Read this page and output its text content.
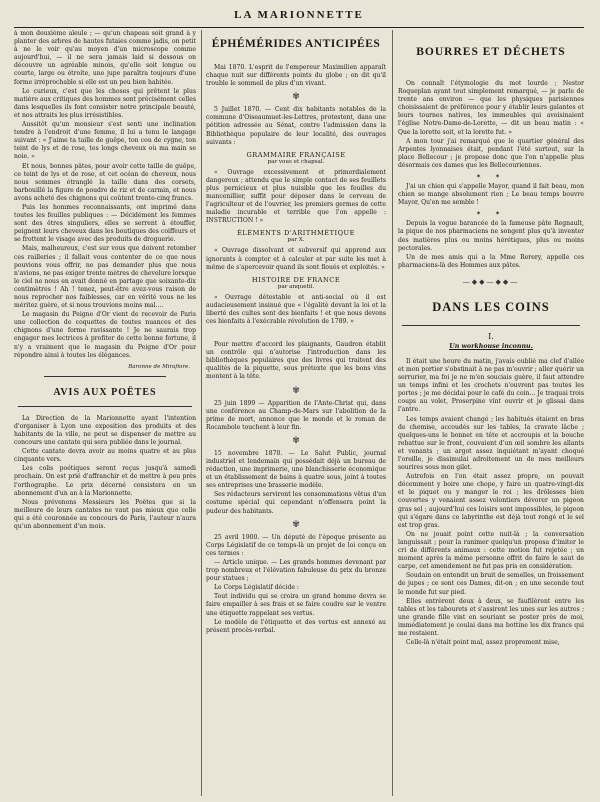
LA MARIONNETTE

à mon deuxième aïeule ; — qu'un chapeau soit grand à y planter des arbres de hautes futaies comme jadis, on petit à ne le voir qu'au moyen d'un microscope comme aujourd'hui, — il ne sera jamais laid si dessous on découvre un agréable minois, qu'elle soit longue ou courte, large ou étroite, une jupe paraîtra toujours d'une forme irréprochable si elle est un peu bien habitée.

Le curieux, c'est que les choses qui prêtent le plus matière aux critiques des hommes sont précisément celles dans lesquelles ils font consister notre principale beauté, et nos attraits les plus irrésistibles.

Aussitôt qu'un monsieur s'est senti une inclination tendre à l'endroit d'une femme, il lui a tenu le langage suivant : « J'aime ta taille de guêpe, ton cou de cygne, ton teint de lys et de rose, tes longs cheveux où ma main se noie. »

Et nous, bonnes pâtes, pour avoir cette taille de guêpe, ce teint de lys et de rose, et cet océan de cheveux, nous nous sommes étranglé la taille dans des corsets, barbouillé la figure de poudre de riz et de carmin, et nous avons acheté des chignons qui coûtent trente-cinq francs.

Puis les hommes reconnaissants, ont imprimé dans toutes les feuilles publiques : — Décidément les femmes sont des êtres singuliers, elles se serrent à étouffer, peignent leurs cheveux dans les boutiques des coiffeurs et se frottent le visage avec des produits de droguerie.

Mais, malheureux, c'est sur vous que doivent retomber ces railleries ; il fallait vous contenter de ce que nous pouvions vous offrir, ne pas demander plus que nous n'avions, ne pas exiger trente mètres de chevelure lorsque le ciel ne nous en avait donné en partage que soixante-dix centimètres ! Ah ! tenez, peut-être avez-vous raison de nous reprocher nos faiblesses, car en vérité vous ne les méritez guère, et si nous trouvions moins mal....

Le magasin du Peigne d'Or vient de recevoir de Paris une collection de coquettes de toutes nuances et des chignons d'une forme ravissante ! Je ne saurais trop engager mes lectrices à profiter de cette bonne fortune, il n'y a vraiment que le magasin du Peigne d'Or pour répondre ainsi à toutes les élégances.

Baronne de Mirafiore.

AVIS AUX POËTES

La Direction de la Marionnette ayant l'intention d'organiser à Lyon une exposition des produits et des habitants de la ville, ne peut se dispenser de mettre au concours une cantate qui sera publiée dans le journal.

Cette cantate devra avoir au moins quatre et au plus cinquante vers.

Les colis poétiques seront reçus jusqu'à samedi prochain. On est prié d'affranchir et de mettre à peu près l'orthographe. Le prix décerné consistera en un abonnement d'un an à la Marionnette.

Nous prévenons Messieurs les Poëtes que si la meilleure de leurs cantates ne vaut pas mieux que celle qui a été couronnée au concours de Paris, l'auteur n'aura qu'un abonnement d'un mois.

ÉPHÉMÉRIDES ANTICIPÉES

Mai 1870. L'esprit de l'empereur Maximilien apparaît chaque nuit sur différents points du globe ; on dit qu'il trouble le sommeil de plus d'un vivant.

✾

5 Juillet 1870. — Cent dix habitants notables de la commune d'Oiseaumuet-les-Lettres, protestent, dans une pétition adressée au Sénat, contre l'admission dans la Bibliothèque populaire de leur localité, des ouvrages suivants :

GRAMMAIRE FRANÇAISE
par vous et chapsal.

« Ouvrage excessivement et primordialement dangereux ; attendu que le simple contact de ses feuillets plus pernicieux et plus nuisible que les feuilles du mancenillier, suffit pour déposer dans le cerveau de l'agriculteur et de l'ouvrier, les premiers germes de cette maladie incurable et terrible que l'on appelle : INSTRUCTION ! »

ÉLÉMENTS D'ARITHMÉTIQUE
par X.

« Ouvrage dissolvant et subversif qui apprend aux ignorants à compter et à calculer et par suite les met à même de s'apercevoir quand ils sont floués et exploités. »

HISTOIRE DE FRANCE
par anquetil.

« Ouvrage détestable et anti-social où il est audacieusement insinué que « l'égalité devant la loi et la liberté des cultes sont des bienfaits ! et que nous devons ces bienfaits à l'exécrable révolution de 1789. »

Pour mettre d'accord les plaignants, Gaudron établit un contrôle qui n'autorise l'introduction dans les bibliothèques populaires que des livres qui traitent des qualités de la piquette, sous prétexte que les bons vins montent à la tête.

✾

25 juin 1899 — Apparition de l'Ante-Christ qui, dans une conférence au Champ-de-Mars sur l'abolition de la prime de mort, annonce que le monde et le roman de Rocambole touchent à leur fin.

✾

15 novembre 1870. — Le Salut Public, journal industriel et lendemain qui possédait déjà un bureau de rédaction, une imprimerie, une blanchisserie économique et un établissement de bains à quatre sous, joint à toutes ses entreprises une brasserie modèle.

Ses rédacteurs serviront les consommations vêtus d'un costume spécial qui cependant n'offensera point la pudeur des habitants.

✾

25 avril 1900. — Un député de l'époque présente au Corps Législatif de ce temps-là un projet de loi conçu en ces termes :

— Article unique. — Les grands hommes devenant par trop nombreux et l'élévation fabuleuse du prix du bronze pour statues ;

Le Corps Législatif décide :

Tout individu qui se croira un grand homme devra se faire empailler à ses frais et se faire coudre sur le ventre une étiquette rappelant ses vertus.

Le modèle de l'étiquette et des vertus est annexé au présent procès-verbal.

BOURRES ET DÉCHETS

On connaît l'étymologie du mot lourde ; Nestor Roqueplan ayant tout simplement remarqué, — je parle de trente ans environ — que les physiques parisiennes choisissaient de préférence pour y établir leurs galantes et leurs tournes natives, les immeubles qui avoisinaient l'église Notre-Dame-de-Lorette, — dit un beau matin : « Que la lorette soit, et la lorette fut. »

A mon tour j'ai remarqué que le quartier général des Arpentes lyonnaises était, pendant l'été surtout, sur la place Bellecour ; je propose donc que l'on n'appelle plus désormais ces dames que les Bellecouriennes.

✶ ✶

J'ai un chien qui s'appelle Mayor, quand il fait beau, mon chien se mange absolument rien ; Le beau temps bouvre Mayor, Qu'en me semble !

✶ ✶

Depuis la vogue barancée de la fameuse pâte Regnault, la pique de nos pharmaciens ne songent plus qu'à inventer des matières plus ou moins hérétiques, plus ou moins pectorales.

Un de mes amis qui a la Mme Rerery, appelle ces pharmaciens-là des Hommes aux pâtes.

—◆◆—◆◆—
DANS LES COINS
I.
Un workhouse inconnu.

Il était une heure du matin, j'avais oublié ma clef d'allée et mon portier s'obstinait à ne pas m'ouvrir ; aller quérir un serrurier, ma foi je ne m'en souciais guère, il faut attendre un temps infini et les crochets n'ouvrent pas toutes les portes ; je me décidai pour le café du coin... Je traquai trois coups au volet, Proserpine vint ouvrir et je glissai dans l'antre.

Les temps avaient changé ; les habitués étaient en bras de chemise, accoudés sur les tables, la cravate lâche ; quelques-uns le bonnet en tête et accroupis et la bouche rebattue sur le front, couvaient d'un œil sombre les allants et venants ; un argot assez inquiétant m'ayant choqué l'oreille, je dissimulai adroitement un de mes meilleurs sourires sous mon gilet.

Autrefois en l'on était assez propre, on pouvait décemment y boire une chope, y faire un quatre-vingt-dix et le piquet ou y manger le roi ; les drôlesses bien couvertes y venaient assez volontiers dévorer un pigeon gras sel ; aujourd'hui ces loisirs sont impossibles, le pigeon qui s'égare dans ce labyrinthe est déjà tout rongé et le sel est trop gras.

On ne jouait point cette nuit-là ; la conversation languissait ; pour la ranimer quelqu'un proposa d'imiter le cri de différents animaux : cette motion fut rejetée ; un moment après la même personne offrit de faire le saut de carpe, cet amendement ne fut pas pris en considération.

Soudain on entendit un bruit de semelles, un froissement de jupes ; ce sont ces Dames, dit-on ; en une seconde tout le monde fut sur pied.

Elles entrèrent deux à deux, se faufilèrent entre les tables et les tabourets et s'assirent les unes sur les autres ; une grande fille vint en souriant se poster près de moi, immédiatement je coulai dans ma bottine les dix francs qui me restaient.

Celle-là n'était point mal, assez proprement mise,
